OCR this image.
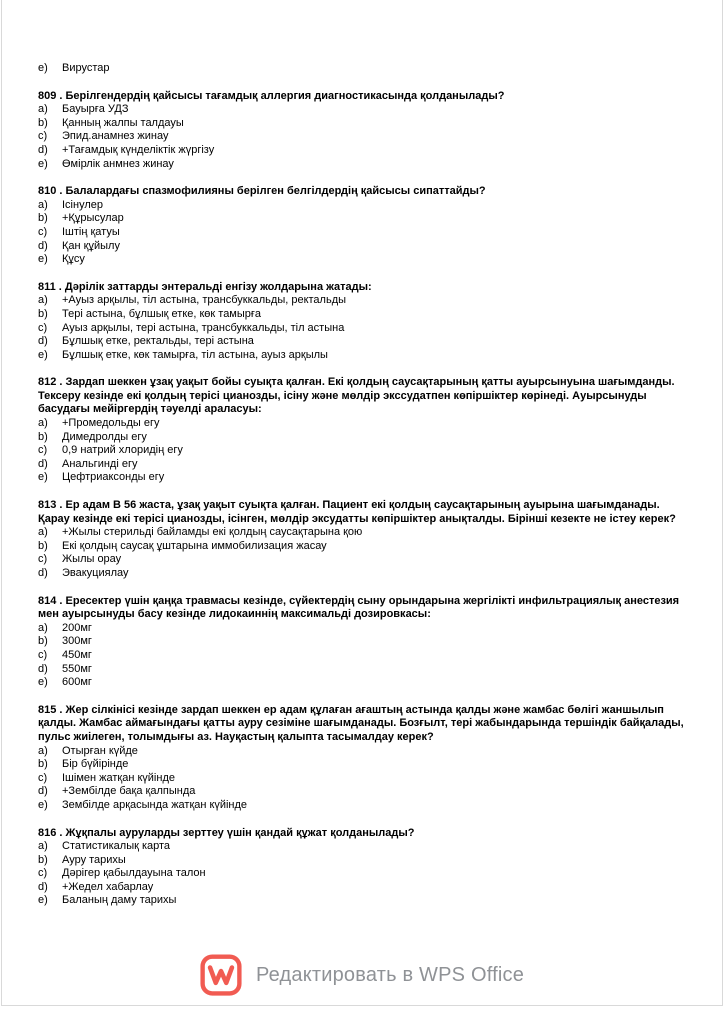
e)	Вирустар
809 . Берілгендердің қайсысы тағамдық аллергия диагностикасында қолданылады?
a)	Бауырға УДЗ
b)	Қанның жалпы талдауы
c)	Эпид.анамнез жинау
d)	+Тағамдық күнделіктік жүргізу
e)	Өмірлік анмнез жинау
810 . Балалардағы спазмофилияны берілген белгілдердің қайсысы сипаттайды?
a)	Ісінулер
b)	+Құрысулар
c)	Іштің қатуы
d)	Қан құйылу
e)	Құсу
811 . Дәрілік заттарды энтеральді енгізу жолдарына жатады:
a)	+Ауыз арқылы, тіл астына, трансбуккальды, ректальды
b)	Тері астына, бұлшық етке, көк тамырға
c)	Ауыз арқылы, тері астына, трансбуккальды, тіл астына
d)	Бұлшық етке, ректальды, тері астына
e)	Бұлшық етке, көк тамырға, тіл астына, ауыз арқылы
812 . Зардап шеккен ұзақ уақыт бойы суықта қалған. Екі қолдың саусақтарының қатты ауырсынуына шағымданды. Тексеру кезінде екі қолдың терісі цианозды, ісіну және мөлдір экссудатпен көпіршіктер көрінеді. Ауырсынуды басудағы мейіргердің тәуелді араласуы:
a)	+Промедольды егу
b)	Димедролды егу
c)	0,9 натрий хлоридің егу
d)	Анальгинді егу
e)	Цефтриаксонды егу
813 . Ер адам В 56 жаста, ұзақ уақыт суықта қалған. Пациент екі қолдың саусақтарының ауырына шағымданады. Қарау кезінде екі терісі цианозды, ісінген, мөлдір эксудатты көпіршіктер анықталды. Бірінші кезекте не істеу керек?
a)	+Жылы стерильді байламды екі қолдың саусақтарына қою
b)	Екі қолдың саусақ ұштарына иммобилизация жасау
c)	Жылы орау
d)	Эвакуциялау
814 . Ересектер үшін қаңқа травмасы кезінде, сүйектердің сыну орындарына жергілікті инфильтрациялық анестезия мен ауырсынуды басу кезінде лидокаиннің максимальді дозировкасы:
a)	200мг
b)	300мг
c)	450мг
d)	550мг
e)	600мг
815 . Жер сілкінісі кезінде зардап шеккен ер адам құлаған ағаштың астында қалды және жамбас бөлігі жаншылып қалды. Жамбас аймағындағы қатты ауру сезіміне шағымданады. Бозғылт, тері жабындарында тершіндік байқалады, пульс жиілеген, толымдығы аз. Науқастың қалыпта тасымалдау керек?
a)	Отырған күйде
b)	Бір бүйірінде
c)	Ішімен жатқан күйінде
d)	+Зембілде бақа қалпында
e)	Зембілде арқасында жатқан күйінде
816 . Жұқпалы ауруларды зерттеу үшін қандай құжат қолданылады?
a)	Статистикалық карта
b)	Ауру тарихы
c)	Дәрігер қабылдауына талон
d)	+Жедел хабарлау
e)	Баланың даму тарихы
Редактировать в WPS Office
